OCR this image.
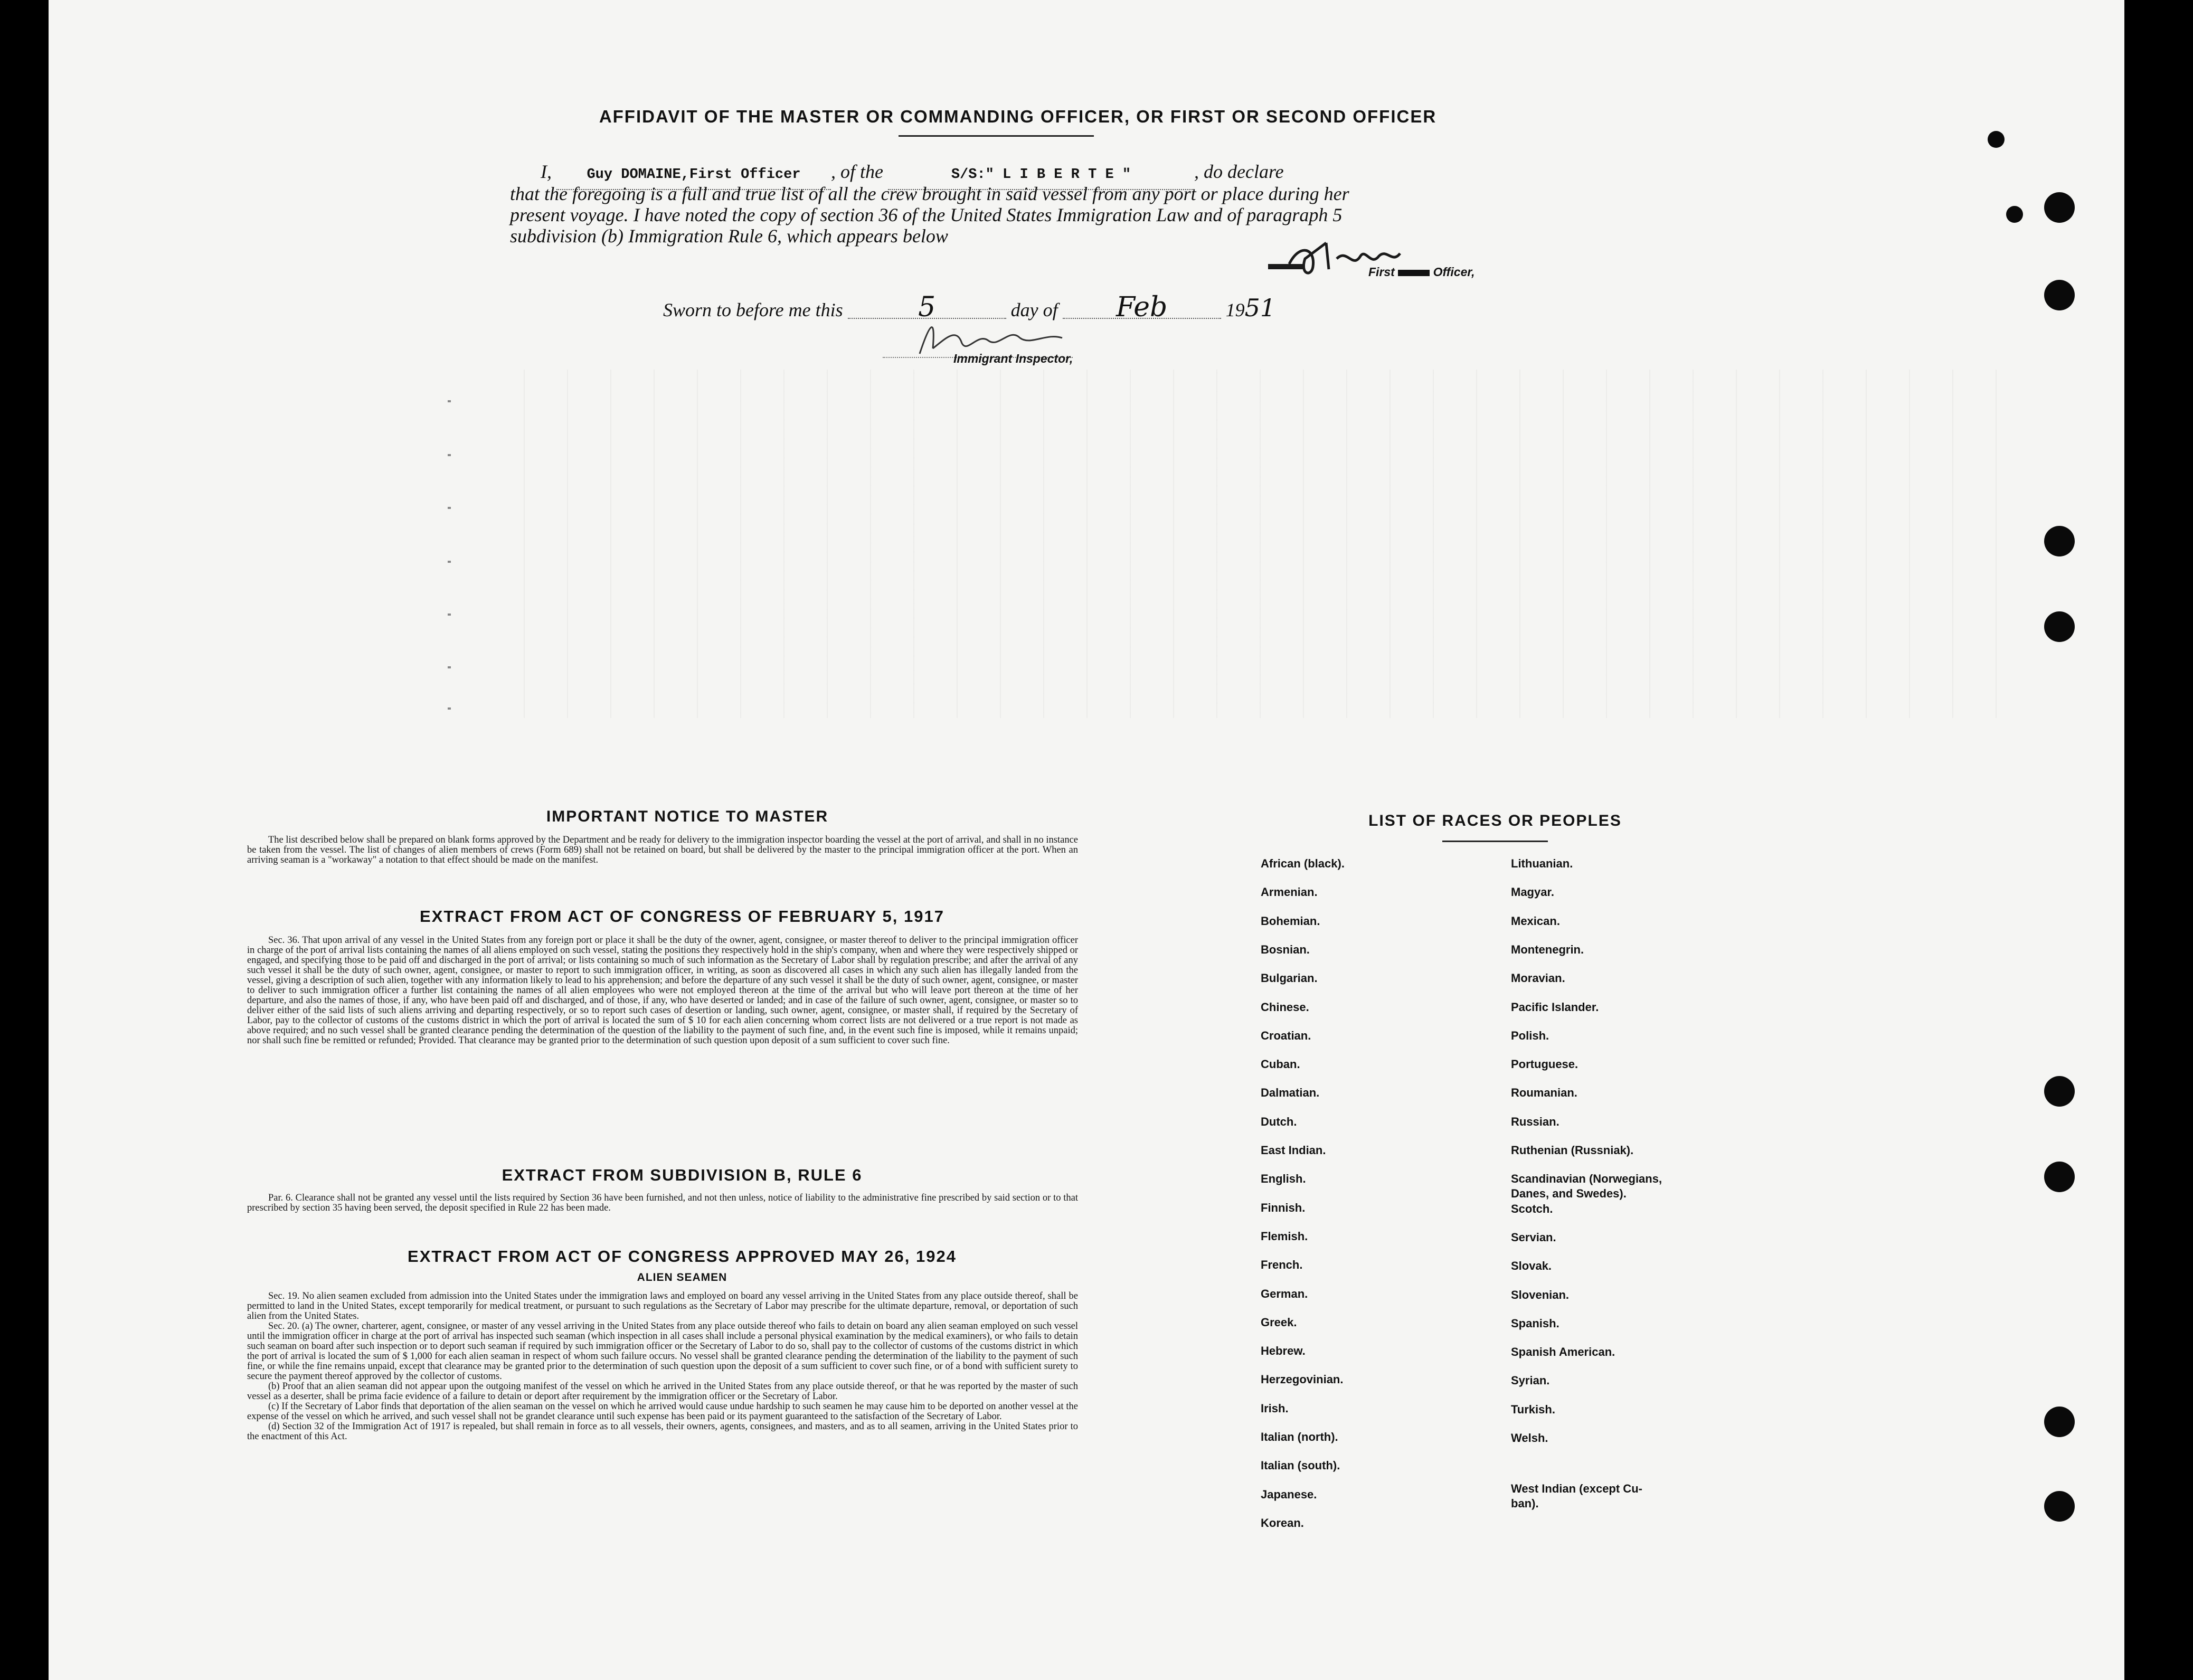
AFFIDAVIT OF THE MASTER OR COMMANDING OFFICER, OR FIRST OR SECOND OFFICER
I, Guy DOMAINE,First Officer , of the	S/S:" L I B E R T E "	, do declare
that the foregoing is a full and true list of all the crew brought in said vessel from any port or place during her
present voyage. I have noted the copy of section 36 of the United States Immigration Law and of paragraph 5
subdivision (b) Immigration Rule 6, which appears below
First	Officer,
Sworn to before me this	5	day of Feb	1951
Immigrant Inspector,
IMPORTANT NOTICE TO MASTER

The list described below shall be prepared on blank forms approved by the Department and be ready for delivery to the immigration inspector boarding the vessel at the port of arrival, and shall in no instance be taken from the vessel. The list of changes of alien members of crews (Form 689) shall not be retained on board, but shall be delivered by the master to the principal immigration officer at the port. When an arriving seaman is a "workaway" a notation to that effect should be made on the manifest.

EXTRACT FROM ACT OF CONGRESS OF FEBRUARY 5, 1917

Sec. 36. That upon arrival of any vessel in the United States from any foreign port or place it shall be the duty of the owner, agent, consignee, or master thereof to deliver to the principal immigration officer in charge of the port of arrival lists containing the names of all aliens employed on such vessel, stating the positions they respectively hold in the ship's company, when and where they were respectively shipped or engaged, and specifying those to be paid off and discharged in the port of arrival; or lists containing so much of such information as the Secretary of Labor shall by regulation prescribe; and after the arrival of any such vessel it shall be the duty of such owner, agent, consignee, or master to report to such immigration officer, in writing, as soon as discovered all cases in which any such alien has illegally landed from the vessel, giving a description of such alien, together with any information likely to lead to his apprehension; and before the departure of any such vessel it shall be the duty of such owner, agent, consignee, or master to deliver to such immigration officer a further list containing the names of all alien employees who were not employed thereon at the time of the arrival but who will leave port thereon at the time of her departure, and also the names of those, if any, who have been paid off and discharged, and of those, if any, who have deserted or landed; and in case of the failure of such owner, agent, consignee, or master so to deliver either of the said lists of such aliens arriving and departing respectively, or so to report such cases of desertion or landing, such owner, agent, consignee, or master shall, if required by the Secretary of Labor, pay to the collector of customs of the customs district in which the port of arrival is located the sum of $ 10 for each alien concerning whom correct lists are not delivered or a true report is not made as above required; and no such vessel shall be granted clearance pending the determination of the question of the liability to the payment of such fine, and, in the event such fine is imposed, while it remains unpaid; nor shall such fine be remitted or refunded; Provided. That clearance may be granted prior to the determination of such question upon deposit of a sum sufficient to cover such fine.

EXTRACT FROM SUBDIVISION B, RULE 6

Par. 6. Clearance shall not be granted any vessel until the lists required by Section 36 have been furnished, and not then unless, notice of liability to the administrative fine prescribed by said section or to that prescribed by section 35 having been served, the deposit specified in Rule 22 has been made.

EXTRACT FROM ACT OF CONGRESS APPROVED MAY 26, 1924
ALIEN SEAMEN

Sec. 19. No alien seamen excluded from admission into the United States under the immigration laws and employed on board any vessel arriving in the United States from any place outside thereof, shall be permitted to land in the United States, except temporarily for medical treatment, or pursuant to such regulations as the Secretary of Labor may prescribe for the ultimate departure, removal, or deportation of such alien from the United States.

Sec. 20. (a) The owner, charterer, agent, consignee, or master of any vessel arriving in the United States from any place outside thereof who fails to detain on board any alien seaman employed on such vessel until the immigration officer in charge at the port of arrival has inspected such seaman (which inspection in all cases shall include a personal physical examination by the medical examiners), or who fails to detain such seaman on board after such inspection or to deport such seaman if required by such immigration officer or the Secretary of Labor to do so, shall pay to the collector of customs of the customs district in which the port of arrival is located the sum of $ 1,000 for each alien seaman in respect of whom such failure occurs. No vessel shall be granted clearance pending the determination of the liability to the payment of such fine, or while the fine remains unpaid, except that clearance may be granted prior to the determination of such question upon the deposit of a sum sufficient to cover such fine, or of a bond with sufficient surety to secure the payment thereof approved by the collector of customs.

(b) Proof that an alien seaman did not appear upon the outgoing manifest of the vessel on which he arrived in the United States from any place outside thereof, or that he was reported by the master of such vessel as a deserter, shall be prima facie evidence of a failure to detain or deport after requirement by the immigration officer or the Secretary of Labor.

(c) If the Secretary of Labor finds that deportation of the alien seaman on the vessel on which he arrived would cause undue hardship to such seamen he may cause him to be deported on another vessel at the expense of the vessel on which he arrived, and such vessel shall not be grandet clearance until such expense has been paid or its payment guaranteed to the satisfaction of the Secretary of Labor.

(d) Section 32 of the Immigration Act of 1917 is repealed, but shall remain in force as to all vessels, their owners, agents, consignees, and masters, and as to all seamen, arriving in the United States prior to the enactment of this Act.

LIST OF RACES OR PEOPLES
African (black).
Armenian.
Bohemian.
Bosnian.
Bulgarian.
Chinese.
Croatian.
Cuban.
Dalmatian.
Dutch.
East Indian.
English.
Finnish.
Flemish.
French.
German.
Greek.
Hebrew.
Herzegovinian.
Irish.
Italian (north).
Italian (south).
Japanese.
Korean.
Lithuanian.
Magyar.
Mexican.
Montenegrin.
Moravian.
Pacific Islander.
Polish.
Portuguese.
Roumanian.
Russian.
Ruthenian (Russniak).
Scandinavian (Norwegians,
Danes, and Swedes).
Scotch.
Servian.
Slovak.
Slovenian.
Spanish.
Spanish American.
Syrian.
Turkish.
Welsh.
West Indian (except Cu-
ban).
